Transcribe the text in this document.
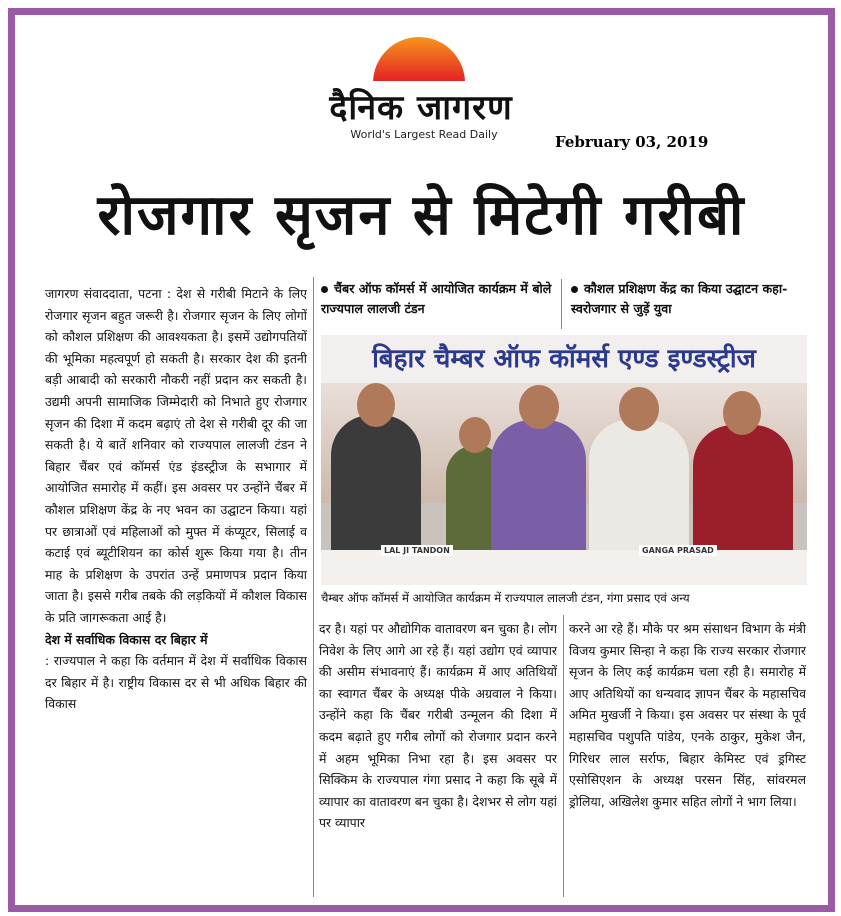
दैनिक जागरण
World's Largest Read Daily	February 03, 2019
रोजगार सृजन से मिटेगी गरीबी

जागरण संवाददाता, पटना : देश से गरीबी मिटाने के लिए रोजगार सृजन बहुत जरूरी है। रोजगार सृजन के लिए लोगों को कौशल प्रशिक्षण की आवश्यकता है। इसमें उद्योगपतियों की भूमिका महत्वपूर्ण हो सकती है। सरकार देश की इतनी बड़ी आबादी को सरकारी नौकरी नहीं प्रदान कर सकती है। उद्यमी अपनी सामाजिक जिम्मेदारी को निभाते हुए रोजगार सृजन की दिशा में कदम बढ़ाएं तो देश से गरीबी दूर की जा सकती है। ये बातें शनिवार को राज्यपाल लालजी टंडन ने बिहार चैंबर एवं कॉमर्स एंड इंडस्ट्रीज के सभागार में आयोजित समारोह में कहीं। इस अवसर पर उन्होंने चैंबर में कौशल प्रशिक्षण केंद्र के नए भवन का उद्घाटन किया। यहां पर छात्राओं एवं महिलाओं को मुफ्त में कंप्यूटर, सिलाई व कटाई एवं ब्यूटीशियन का कोर्स शुरू किया गया है। तीन माह के प्रशिक्षण के उपरांत उन्हें प्रमाणपत्र प्रदान किया जाता है। इससे गरीब तबके की लड़कियों में कौशल विकास के प्रति जागरूकता आई है।

देश में सर्वाधिक विकास दर बिहार में

: राज्यपाल ने कहा कि वर्तमान में देश में सर्वाधिक विकास दर बिहार में है। राष्ट्रीय विकास दर से भी अधिक बिहार की विकास

चैंबर ऑफ कॉमर्स में आयोजित कार्यक्रम में बोले राज्यपाल लालजी टंडन
कौशल प्रशिक्षण केंद्र का किया उद्घाटन कहा-स्वरोजगार से जुड़ें युवा
बिहार चैम्बर ऑफ कॉमर्स एण्ड इण्डस्ट्रीज
LAL JI TANDON	GANGA PRASAD
चैम्बर ऑफ कॉमर्स में आयोजित कार्यक्रम में राज्यपाल लालजी टंडन, गंगा प्रसाद एवं अन्य

दर है। यहां पर औद्योगिक वातावरण बन चुका है। लोग निवेश के लिए आगे आ रहे हैं। यहां उद्योग एवं व्यापार की असीम संभावनाएं हैं। कार्यक्रम में आए अतिथियों का स्वागत चैंबर के अध्यक्ष पीके अग्रवाल ने किया। उन्होंने कहा कि चैंबर गरीबी उन्मूलन की दिशा में कदम बढ़ाते हुए गरीब लोगों को रोजगार प्रदान करने में अहम भूमिका निभा रहा है। इस अवसर पर सिक्किम के राज्यपाल गंगा प्रसाद ने कहा कि सूबे में व्यापार का वातावरण बन चुका है। देशभर से लोग यहां पर व्यापार

करने आ रहे हैं। मौके पर श्रम संसाधन विभाग के मंत्री विजय कुमार सिन्हा ने कहा कि राज्य सरकार रोजगार सृजन के लिए कई कार्यक्रम चला रही है। समारोह में आए अतिथियों का धन्यवाद ज्ञापन चैंबर के महासचिव अमित मुखर्जी ने किया। इस अवसर पर संस्था के पूर्व महासचिव पशुपति पांडेय, एनके ठाकुर, मुकेश जैन, गिरिधर लाल सर्राफ, बिहार केमिस्ट एवं ड्रगिस्ट एसोसिएशन के अध्यक्ष परसन सिंह, सांवरमल ड्रोलिया, अखिलेश कुमार सहित लोगों ने भाग लिया।
